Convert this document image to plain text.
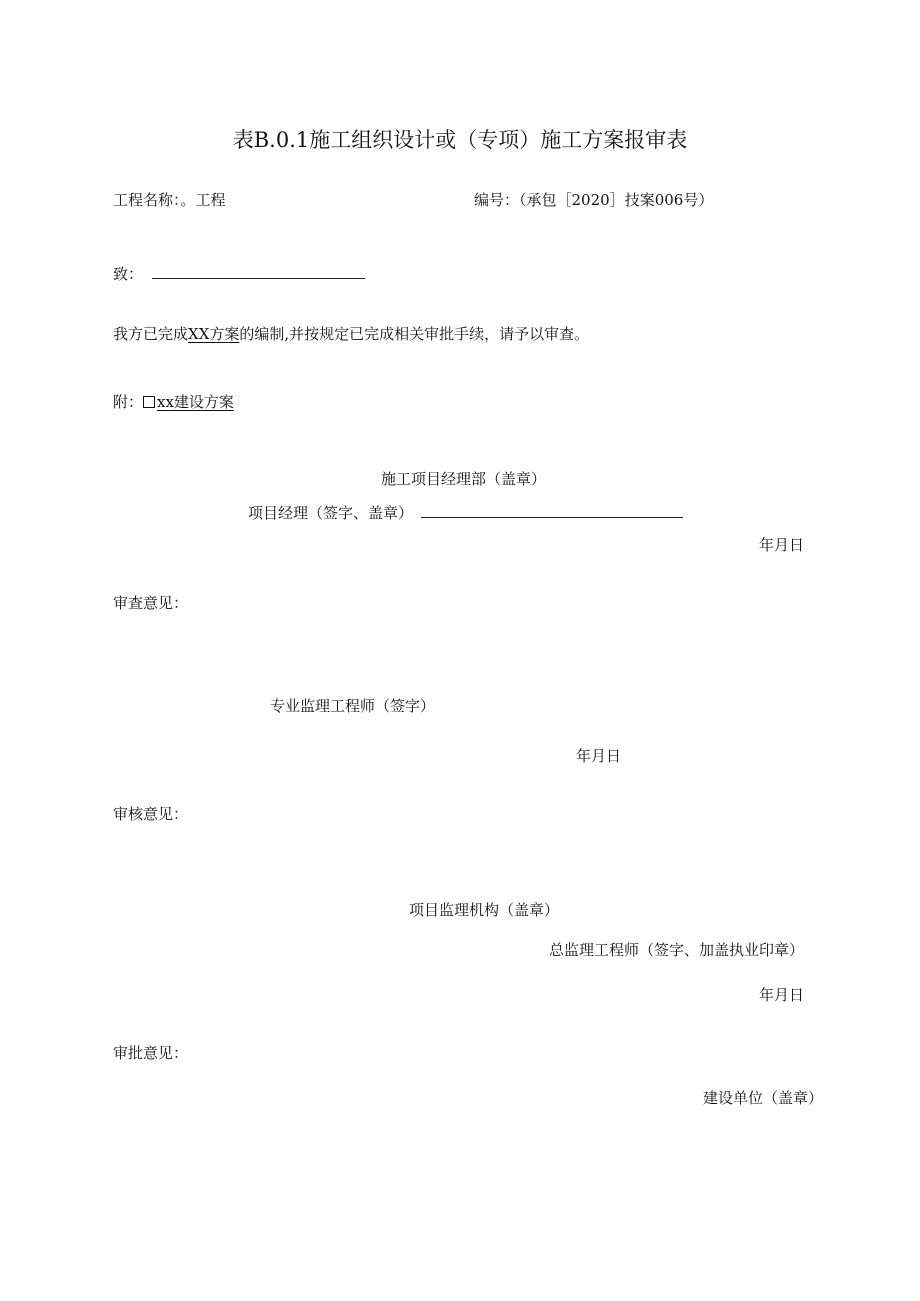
表B.0.1施工组织设计或（专项）施工方案报审表
工程名称：。工程	编号：（承包［2020］技案006号）
致：
我方已完成XX方案的编制,并按规定已完成相关审批手续，请予以审查。
附： xx建设方案
施工项目经理部（盖章）
项目经理（签字、盖章）
年月日
审查意见：
专业监理工程师（签字）
年月日
审核意见：
项目监理机构（盖章）
总监理工程师（签字、加盖执业印章）
年月日
审批意见：
建设单位（盖章）
